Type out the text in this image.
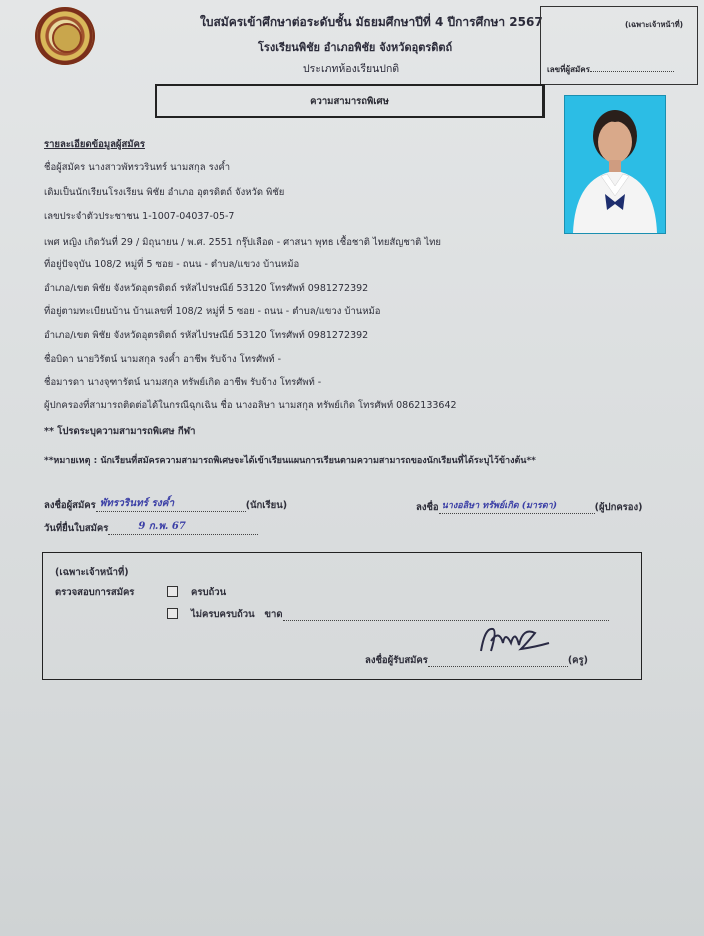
ใบสมัครเข้าศึกษาต่อระดับชั้น มัธยมศึกษาปีที่ 4 ปีการศึกษา 2567
โรงเรียนพิชัย อำเภอพิชัย จังหวัดอุตรดิตถ์
ประเภทห้องเรียนปกติ
(เฉพาะเจ้าหน้าที่)
เลขที่ผู้สมัคร
ความสามารถพิเศษ
รายละเอียดข้อมูลผู้สมัคร
ชื่อผู้สมัคร นางสาวพัทรวรินทร์ นามสกุล รงค์ำ
เดิมเป็นนักเรียนโรงเรียน พิชัย อำเภอ อุตรดิตถ์ จังหวัด พิชัย
เลขประจำตัวประชาชน 1-1007-04037-05-7
เพศ หญิง เกิดวันที่ 29 / มิถุนายน / พ.ศ. 2551 กรุ๊ปเลือด - ศาสนา พุทธ เชื้อชาติ ไทยสัญชาติ ไทย
ที่อยู่ปัจจุบัน 108/2 หมู่ที่ 5 ซอย - ถนน - ตำบล/แขวง บ้านหม้อ
อำเภอ/เขต พิชัย จังหวัดอุตรดิตถ์ รหัสไปรษณีย์ 53120 โทรศัพท์ 0981272392
ที่อยู่ตามทะเบียนบ้าน บ้านเลขที่ 108/2 หมู่ที่ 5 ซอย - ถนน - ตำบล/แขวง บ้านหม้อ
อำเภอ/เขต พิชัย จังหวัดอุตรดิตถ์ รหัสไปรษณีย์ 53120 โทรศัพท์ 0981272392
ชื่อบิดา นายวิรัตน์ นามสกุล รงค์ำ อาชีพ รับจ้าง โทรศัพท์ -
ชื่อมารดา นางจุฑารัตน์ นามสกุล ทรัพย์เกิด อาชีพ รับจ้าง โทรศัพท์ -
ผู้ปกครองที่สามารถติดต่อได้ในกรณีฉุกเฉิน ชื่อ นางอลิษา นามสกุล ทรัพย์เกิด โทรศัพท์ 0862133642
** โปรดระบุความสามารถพิเศษ กีฬา
**หมายเหตุ : นักเรียนที่สมัครความสามารถพิเศษจะได้เข้าเรียนแผนการเรียนตามความสามารถของนักเรียนที่ได้ระบุไว้ข้างต้น**
ลงชื่อผู้สมัคร พัทรวรินทร์ รงค์ำ	(นักเรียน)
วันที่ยื่นใบสมัคร	9 ก.พ. 67

ลงชื่อ นางอลิษา ทรัพย์เกิด (มารดา)	(ผู้ปกครอง)
(เฉพาะเจ้าหน้าที่)
ตรวจสอบการสมัคร	ครบถ้วน
ไม่ครบครบถ้วน ขาด
ลงชื่อผู้รับสมัคร	(ครู)
